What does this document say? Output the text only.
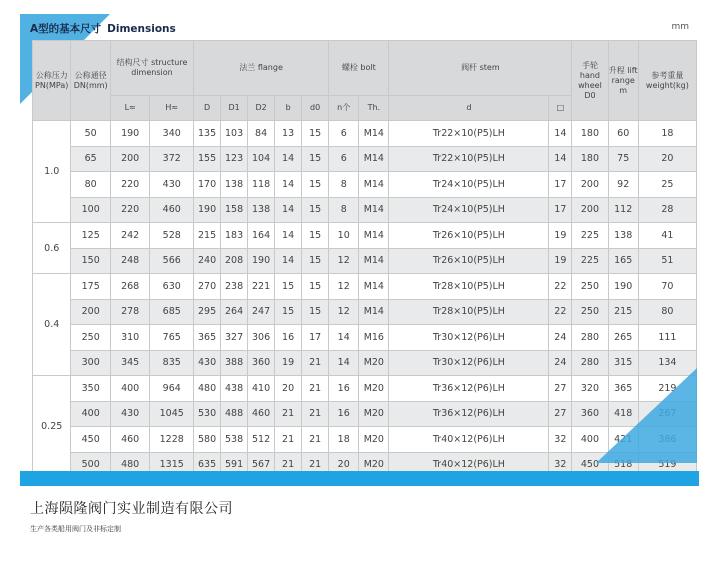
A型的基本尺寸 Dimensions	mm
公称压力PN(MPa)	公称通径DN(mm)	结构尺寸 structure dimension		法兰 flange					螺栓 bolt		阀杆 stem		手轮 hand wheel D0	升程 lift range m	参考重量 weight(kg)
		L≈	H≈	D	D1	D2	b	d0	n个	Th.	d	□			
1.0	50	190	340	135	103	84	13	15	6	M14	Tr22×10(P5)LH	14	180	60	18
	65	200	372	155	123	104	14	15	6	M14	Tr22×10(P5)LH	14	180	75	20
	80	220	430	170	138	118	14	15	8	M14	Tr24×10(P5)LH	17	200	92	25
	100	220	460	190	158	138	14	15	8	M14	Tr24×10(P5)LH	17	200	112	28
0.6	125	242	528	215	183	164	14	15	10	M14	Tr26×10(P5)LH	19	225	138	41
	150	248	566	240	208	190	14	15	12	M14	Tr26×10(P5)LH	19	225	165	51
0.4	175	268	630	270	238	221	15	15	12	M14	Tr28×10(P5)LH	22	250	190	70
	200	278	685	295	264	247	15	15	12	M14	Tr28×10(P5)LH	22	250	215	80
	250	310	765	365	327	306	16	17	14	M16	Tr30×12(P6)LH	24	280	265	111
	300	345	835	430	388	360	19	21	14	M20	Tr30×12(P6)LH	24	280	315	134
0.25	350	400	964	480	438	410	20	21	16	M20	Tr36×12(P6)LH	27	320	365	219
	400	430	1045	530	488	460	21	21	16	M20	Tr36×12(P6)LH	27	360	418	267
	450	460	1228	580	538	512	21	21	18	M20	Tr40×12(P6)LH	32	400	421	386
	500	480	1315	635	591	567	21	21	20	M20	Tr40×12(P6)LH	32	450	518	519
上海陨隆阀门实业制造有限公司
生产各类船用阀门及非标定制
